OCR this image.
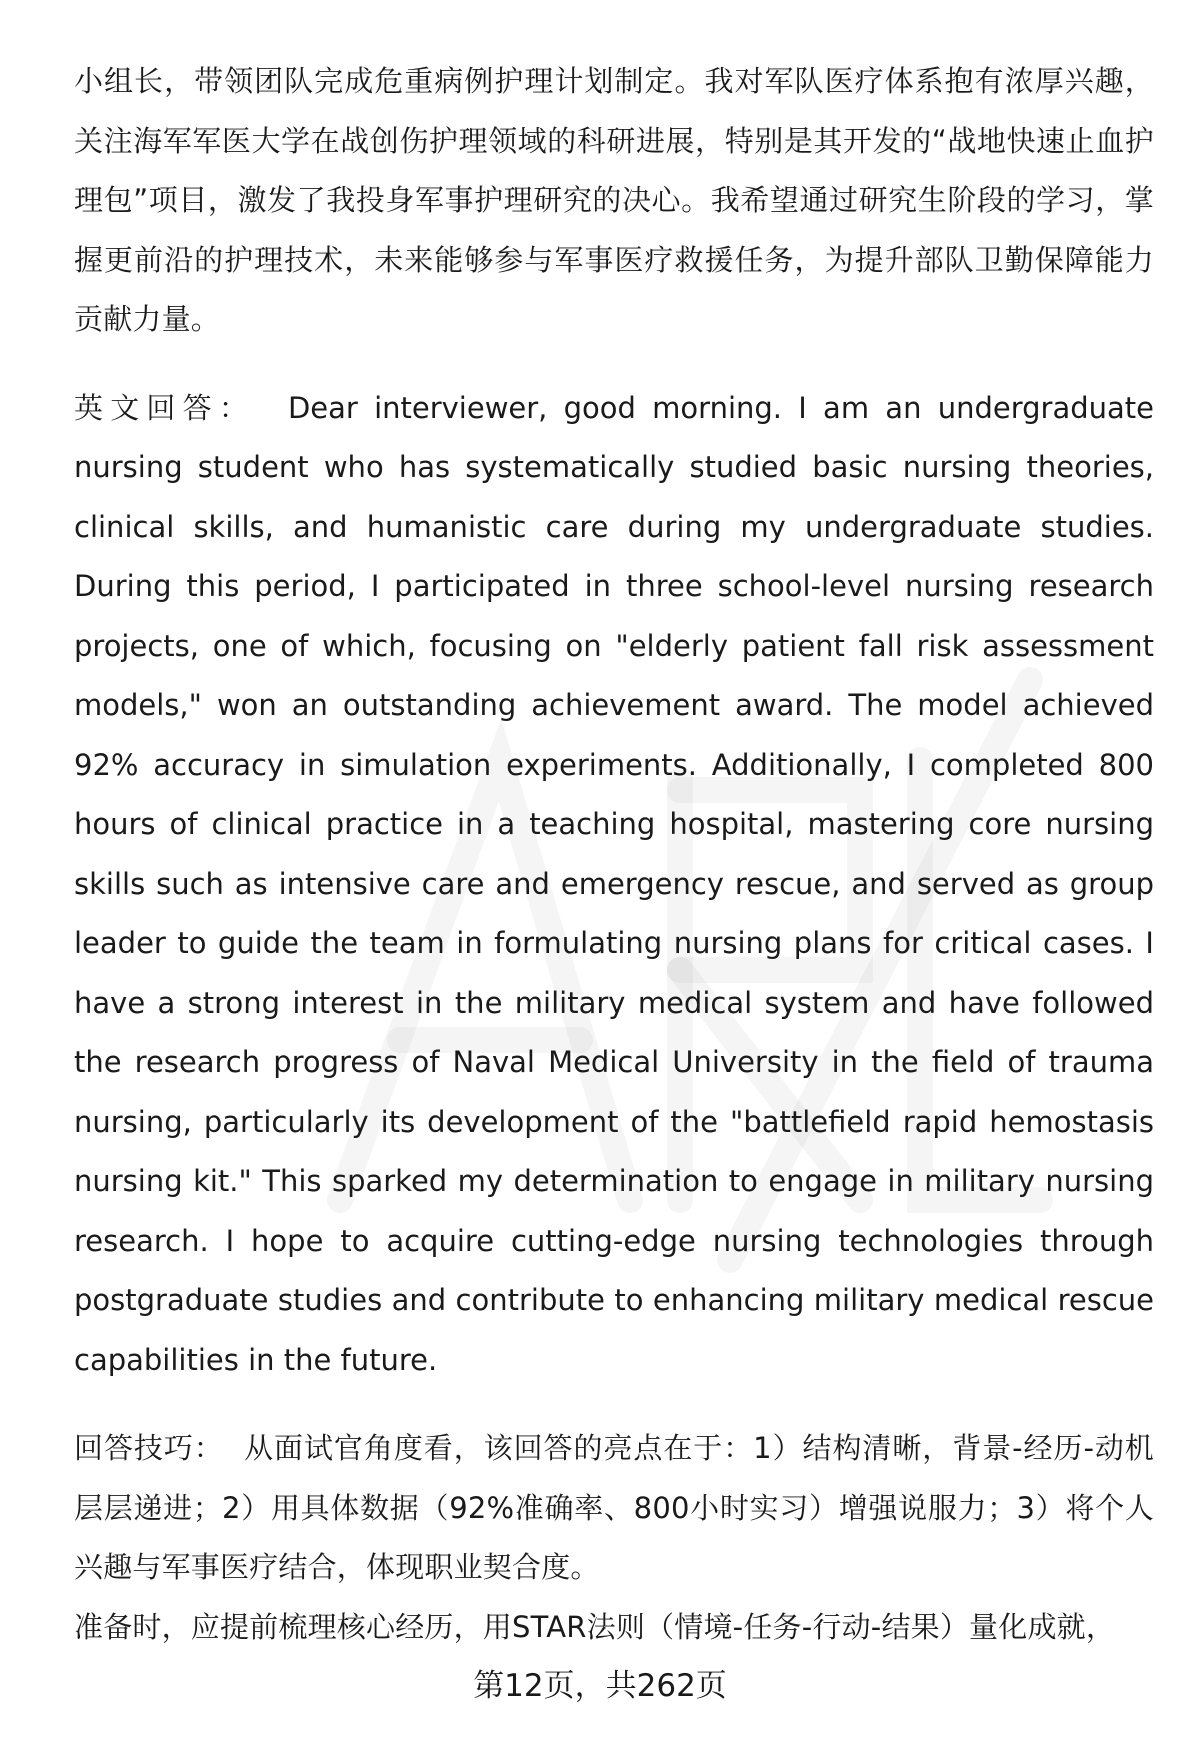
小组长，带领团队完成危重病例护理计划制定。我对军队医疗体系抱有浓厚兴趣，关注海军军医大学在战创伤护理领域的科研进展，特别是其开发的“战地快速止血护理包”项目，激发了我投身军事护理研究的决心。我希望通过研究生阶段的学习，掌握更前沿的护理技术，未来能够参与军事医疗救援任务，为提升部队卫勤保障能力贡献力量。

英文回答：  Dear interviewer, good morning. I am an undergraduate nursing student who has systematically studied basic nursing theories, clinical skills, and humanistic care during my undergraduate studies. During this period, I participated in three school-level nursing research projects, one of which, focusing on "elderly patient fall risk assessment models," won an outstanding achievement award. The model achieved 92% accuracy in simulation experiments. Additionally, I completed 800 hours of clinical practice in a teaching hospital, mastering core nursing skills such as intensive care and emergency rescue, and served as group leader to guide the team in formulating nursing plans for critical cases. I have a strong interest in the military medical system and have followed the research progress of Naval Medical University in the field of trauma nursing, particularly its development of the "battlefield rapid hemostasis nursing kit." This sparked my determination to engage in military nursing research. I hope to acquire cutting-edge nursing technologies through postgraduate studies and contribute to enhancing military medical rescue capabilities in the future.

回答技巧：  从面试官角度看，该回答的亮点在于：1）结构清晰，背景-经历-动机层层递进；2）用具体数据（92%准确率、800小时实习）增强说服力；3）将个人兴趣与军事医疗结合，体现职业契合度。

准备时，应提前梳理核心经历，用STAR法则（情境-任务-行动-结果）量化成就，

第12页，共262页
